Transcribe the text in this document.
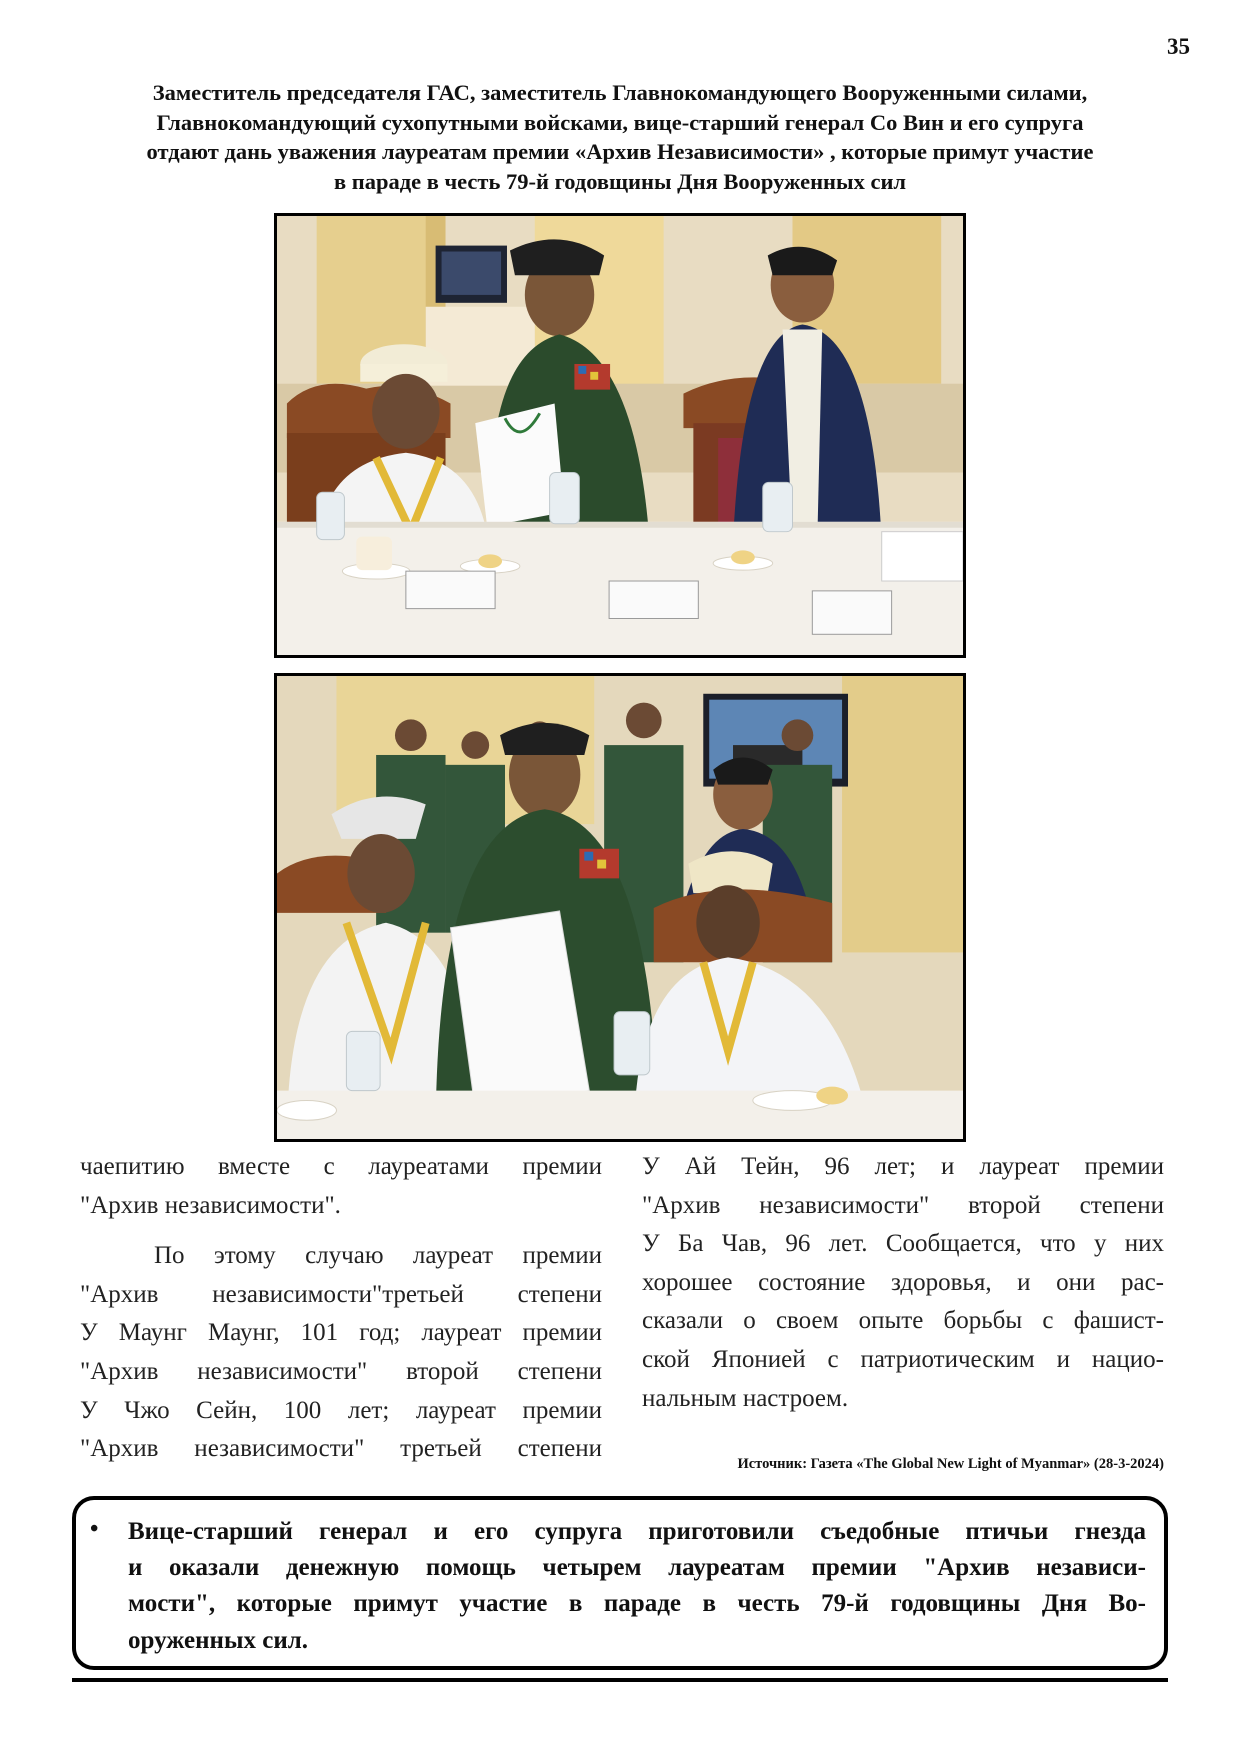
35
Заместитель председателя ГАС, заместитель Главнокомандующего Вооруженными силами,
Главнокомандующий сухопутными войсками, вице-старший генерал Со Вин и его супруга
отдают дань уважения лауреатам премии «Архив Независимости» , которые примут участие
в параде в честь 79-й годовщины Дня Вооруженных сил

чаепитию вместе с лауреатами премии

"Архив независимости".

По этому случаю лауреат премии

"Архив независимости"третьей степени

У Маунг Маунг, 101 год; лауреат премии

"Архив независимости" второй степени

У Чжо Сейн, 100 лет; лауреат премии

"Архив независимости" третьей степени

У Ай Тейн, 96 лет; и лауреат премии

"Архив независимости" второй степени

У Ба Чав, 96 лет. Сообщается, что у них

хорошее состояние здоровья, и они рас-

сказали о своем опыте борьбы с фашист-

ской Японией с патриотическим и нацио-

нальным настроем.

Источник: Газета «The Global New Light of Myanmar» (28-3-2024)
• Вице-старший генерал и его супруга приготовили съедобные птичьи гнезда
и оказали денежную помощь четырем лауреатам премии "Архив независи-
мости", которые примут участие в параде в честь 79-й годовщины Дня Во-
оруженных сил.
